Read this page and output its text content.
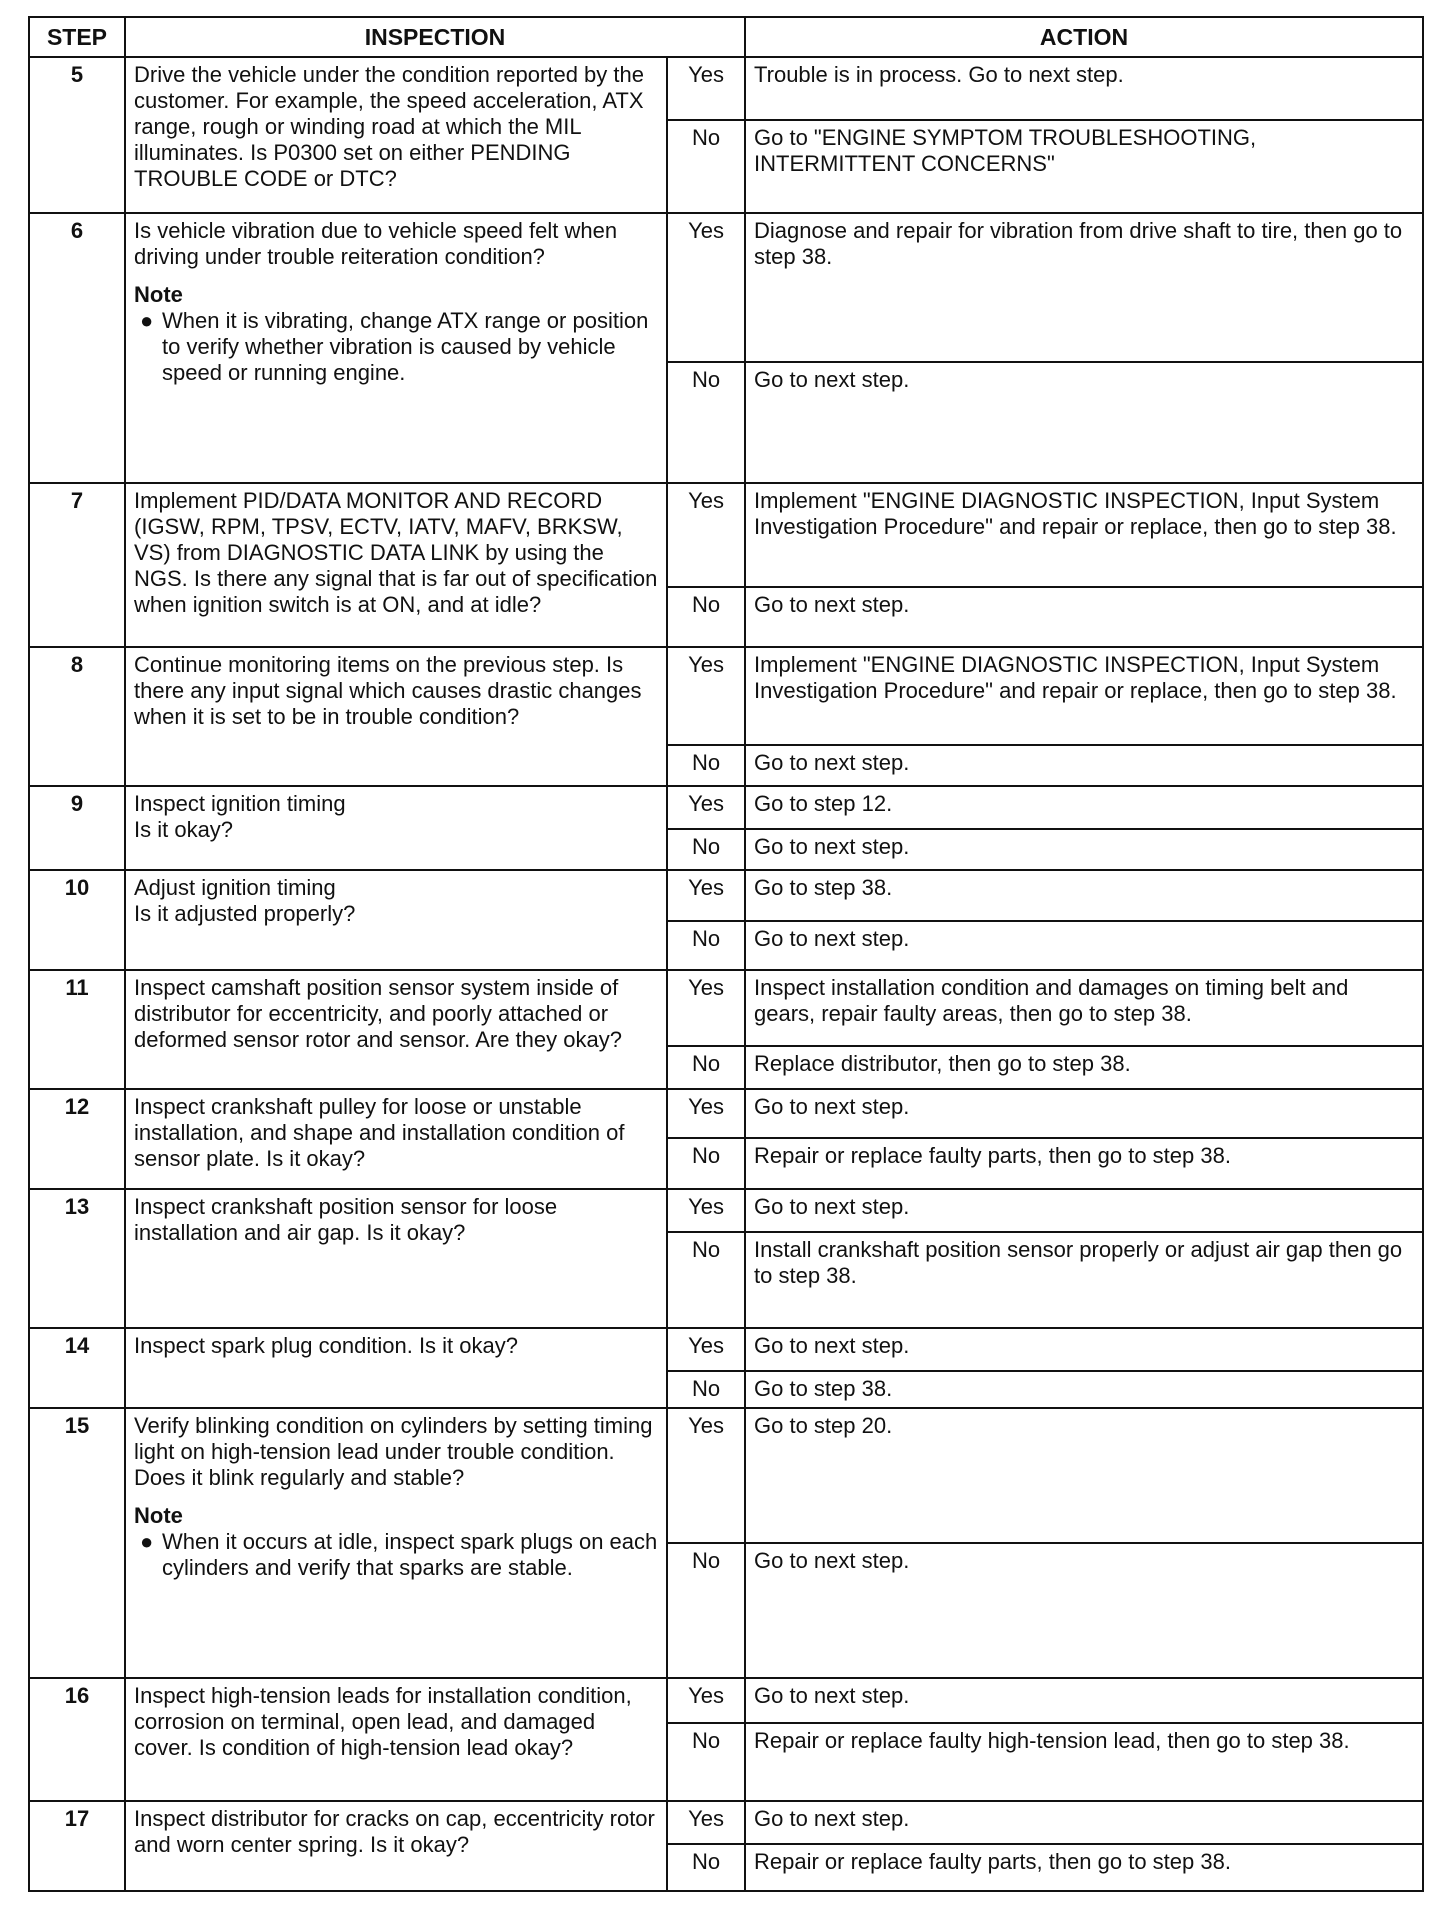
STEP	INSPECTION		ACTION
5	Drive the vehicle under the condition reported by the customer. For example, the speed acceleration, ATX range, rough or winding road at which the MIL illuminates. Is P0300 set on either PENDING TROUBLE CODE or DTC?	Yes	Trouble is in process. Go to next step.
		No	Go to "ENGINE SYMPTOM TROUBLESHOOTING, INTERMITTENT CONCERNS"
6	Is vehicle vibration due to vehicle speed felt when driving under trouble reiteration condition?
Note
● When it is vibrating, change ATX range or position to verify whether vibration is caused by vehicle speed or running engine.	Yes	Diagnose and repair for vibration from drive shaft to tire, then go to step 38.
		No	Go to next step.
7	Implement PID/DATA MONITOR AND RECORD (IGSW, RPM, TPSV, ECTV, IATV, MAFV, BRKSW, VS) from DIAGNOSTIC DATA LINK by using the NGS. Is there any signal that is far out of specification when ignition switch is at ON, and at idle?	Yes	Implement "ENGINE DIAGNOSTIC INSPECTION, Input System Investigation Procedure" and repair or replace, then go to step 38.
		No	Go to next step.
8	Continue monitoring items on the previous step. Is there any input signal which causes drastic changes when it is set to be in trouble condition?	Yes	Implement "ENGINE DIAGNOSTIC INSPECTION, Input System Investigation Procedure" and repair or replace, then go to step 38.
		No	Go to next step.
9	Inspect ignition timing
Is it okay?	Yes	Go to step 12.
		No	Go to next step.
10	Adjust ignition timing
Is it adjusted properly?	Yes	Go to step 38.
		No	Go to next step.
11	Inspect camshaft position sensor system inside of distributor for eccentricity, and poorly attached or deformed sensor rotor and sensor. Are they okay?	Yes	Inspect installation condition and damages on timing belt and gears, repair faulty areas, then go to step 38.
		No	Replace distributor, then go to step 38.
12	Inspect crankshaft pulley for loose or unstable installation, and shape and installation condition of sensor plate. Is it okay?	Yes	Go to next step.
		No	Repair or replace faulty parts, then go to step 38.
13	Inspect crankshaft position sensor for loose installation and air gap. Is it okay?	Yes	Go to next step.
		No	Install crankshaft position sensor properly or adjust air gap then go to step 38.
14	Inspect spark plug condition. Is it okay?	Yes	Go to next step.
		No	Go to step 38.
15	Verify blinking condition on cylinders by setting timing light on high-tension lead under trouble condition. Does it blink regularly and stable?
Note
● When it occurs at idle, inspect spark plugs on each cylinders and verify that sparks are stable.	Yes	Go to step 20.
		No	Go to next step.
16	Inspect high-tension leads for installation condition, corrosion on terminal, open lead, and damaged cover. Is condition of high-tension lead okay?	Yes	Go to next step.
		No	Repair or replace faulty high-tension lead, then go to step 38.
17	Inspect distributor for cracks on cap, eccentricity rotor and worn center spring. Is it okay?	Yes	Go to next step.
		No	Repair or replace faulty parts, then go to step 38.
